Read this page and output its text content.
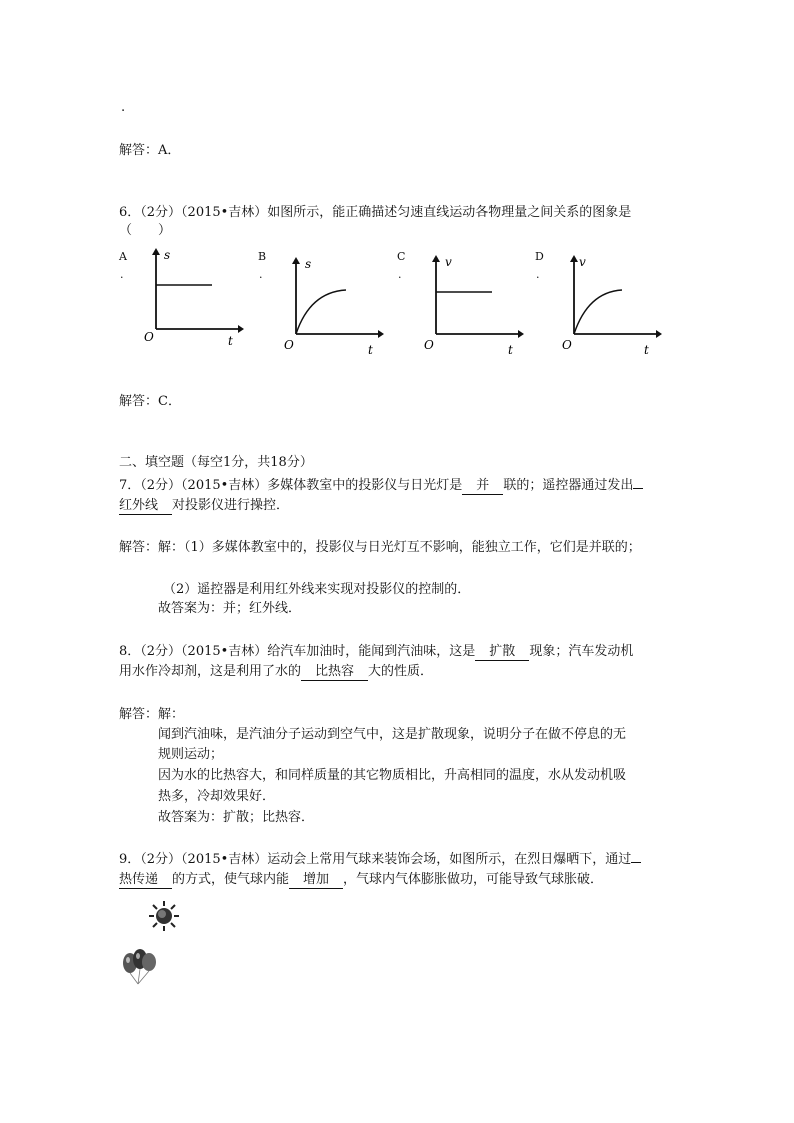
.
解答：A．
6．（2分）（2015•吉林）如图所示，能正确描述匀速直线运动各物理量之间关系的图象是
（　　）
A
.
s
O	t
B
.
s
O	t
C
.
v
O	t
D
.
v
O	t
解答：C．
二、填空题（每空1分，共18分）
7．（2分）（2015•吉林）多媒体教室中的投影仪与日光灯是 并 联的；遥控器通过发出
红外线 对投影仪进行操控．
解答：解：（1）多媒体教室中的，投影仪与日光灯互不影响，能独立工作，它们是并联的；
（2）遥控器是利用红外线来实现对投影仪的控制的．
故答案为：并；红外线．
8．（2分）（2015•吉林）给汽车加油时，能闻到汽油味，这是 扩散 现象；汽车发动机
用水作冷却剂，这是利用了水的 比热容 大的性质．
解答：解：
闻到汽油味，是汽油分子运动到空气中，这是扩散现象，说明分子在做不停息的无
规则运动；
因为水的比热容大，和同样质量的其它物质相比，升高相同的温度，水从发动机吸
热多，冷却效果好．
故答案为：扩散；比热容．
9．（2分）（2015•吉林）运动会上常用气球来装饰会场，如图所示，在烈日爆晒下，通过
热传递 的方式，使气球内能 增加 ，气球内气体膨胀做功，可能导致气球胀破．
